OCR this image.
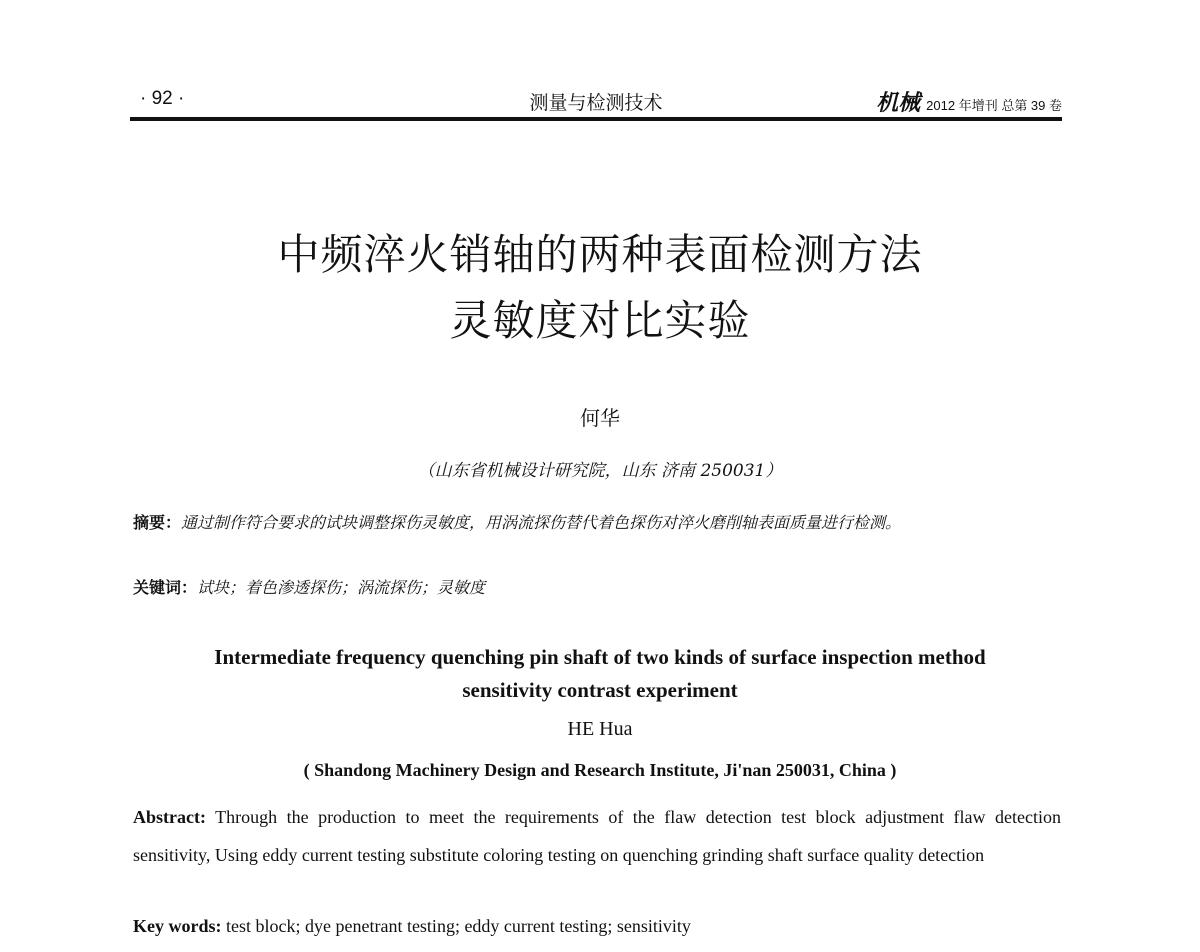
· 92 ·	测量与检测技术	机械 2012 年增刊 总第 39 卷
中频淬火销轴的两种表面检测方法
灵敏度对比实验
何华
（山东省机械设计研究院，山东 济南 250031）
摘要：通过制作符合要求的试块调整探伤灵敏度，用涡流探伤替代着色探伤对淬火磨削轴表面质量进行检测。
关键词：试块；着色渗透探伤；涡流探伤；灵敏度
Intermediate frequency quenching pin shaft of two kinds of surface inspection method
sensitivity contrast experiment
HE Hua
( Shandong Machinery Design and Research Institute, Ji'nan 250031, China )
Abstract: Through the production to meet the requirements of the flaw detection test block adjustment flaw detection sensitivity, Using eddy current testing substitute coloring testing on quenching grinding shaft surface quality detection
Key words: test block; dye penetrant testing; eddy current testing; sensitivity
